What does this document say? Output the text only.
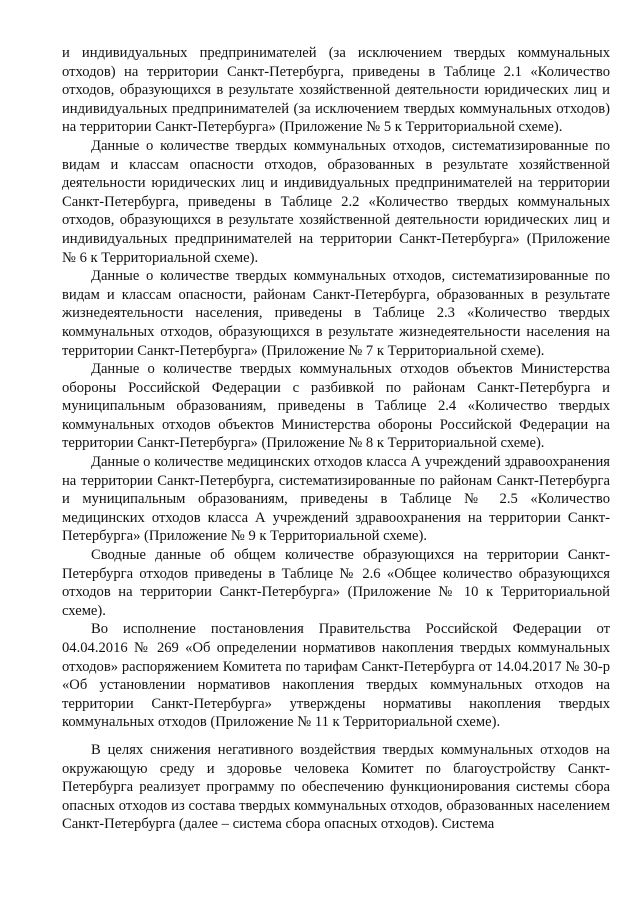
и индивидуальных предпринимателей (за исключением твердых коммунальных отходов) на территории Санкт-Петербурга, приведены в Таблице 2.1 «Количество отходов, образующихся в результате хозяйственной деятельности юридических лиц и индивидуальных предпринимателей (за исключением твердых коммунальных отходов) на территории Санкт-Петербурга» (Приложение № 5 к Территориальной схеме).

Данные о количестве твердых коммунальных отходов, систематизированные по видам и классам опасности отходов, образованных в результате хозяйственной деятельности юридических лиц и индивидуальных предпринимателей на территории Санкт-Петербурга, приведены в Таблице 2.2 «Количество твердых коммунальных отходов, образующихся в результате хозяйственной деятельности юридических лиц и индивидуальных предпринимателей на территории Санкт-Петербурга» (Приложение № 6 к Территориальной схеме).

Данные о количестве твердых коммунальных отходов, систематизированные по видам и классам опасности, районам Санкт-Петербурга, образованных в результате жизнедеятельности населения, приведены в Таблице 2.3 «Количество твердых коммунальных отходов, образующихся в результате жизнедеятельности населения на территории Санкт-Петербурга» (Приложение № 7 к Территориальной схеме).

Данные о количестве твердых коммунальных отходов объектов Министерства обороны Российской Федерации с разбивкой по районам Санкт-Петербурга и муниципальным образованиям, приведены в Таблице 2.4 «Количество твердых коммунальных отходов объектов Министерства обороны Российской Федерации на территории Санкт-Петербурга» (Приложение № 8 к Территориальной схеме).

Данные о количестве медицинских отходов класса А учреждений здравоохранения на территории Санкт-Петербурга, систематизированные по районам Санкт-Петербурга и муниципальным образованиям, приведены в Таблице № 2.5 «Количество медицинских отходов класса А учреждений здравоохранения на территории Санкт-Петербурга» (Приложение № 9 к Территориальной схеме).

Сводные данные об общем количестве образующихся на территории Санкт-Петербурга отходов приведены в Таблице № 2.6 «Общее количество образующихся отходов на территории Санкт-Петербурга» (Приложение № 10 к Территориальной схеме).

Во исполнение постановления Правительства Российской Федерации от 04.04.2016 № 269 «Об определении нормативов накопления твердых коммунальных отходов» распоряжением Комитета по тарифам Санкт-Петербурга от 14.04.2017 № 30-р «Об установлении нормативов накопления твердых коммунальных отходов на территории Санкт-Петербурга» утверждены нормативы накопления твердых коммунальных отходов (Приложение № 11 к Территориальной схеме).

В целях снижения негативного воздействия твердых коммунальных отходов на окружающую среду и здоровье человека Комитет по благоустройству Санкт-Петербурга реализует программу по обеспечению функционирования системы сбора опасных отходов из состава твердых коммунальных отходов, образованных населением Санкт-Петербурга (далее – система сбора опасных отходов). Система
